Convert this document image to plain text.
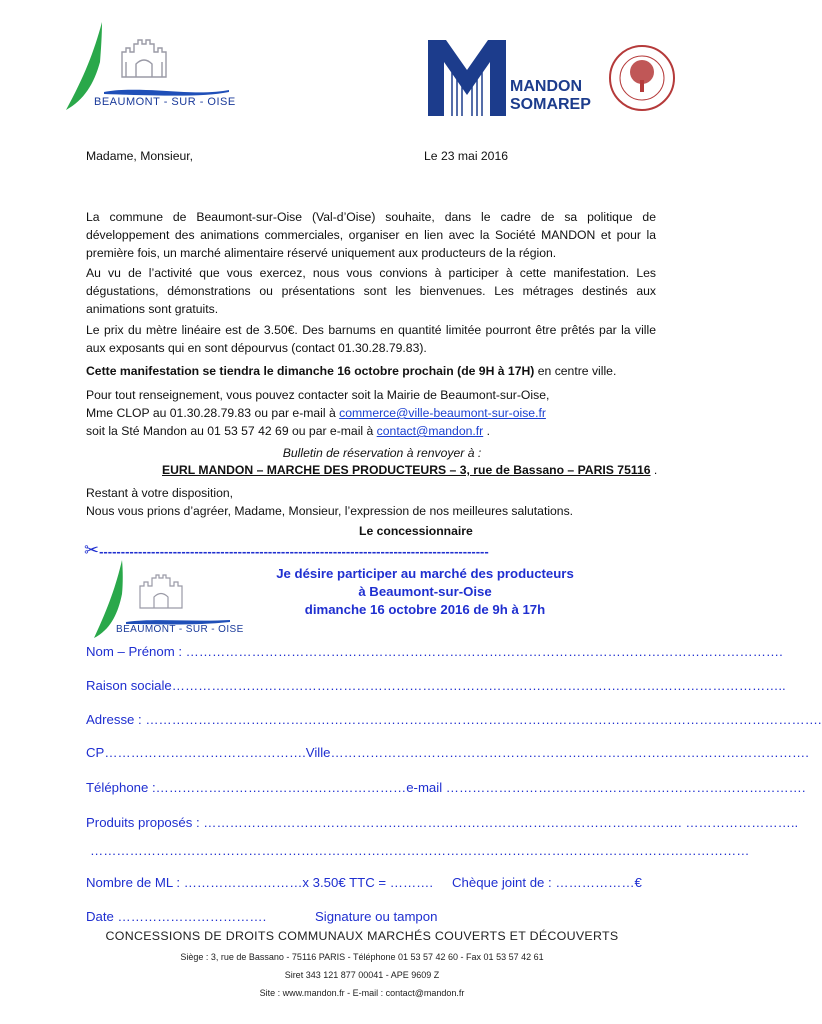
BEAUMONT - SUR - OISE
MANDON
SOMAREP
Madame, Monsieur,	Le 23 mai 2016
La commune de Beaumont-sur-Oise (Val-d’Oise) souhaite, dans le cadre de sa politique de développement des animations commerciales, organiser en lien avec la Société MANDON et pour la première fois, un marché alimentaire réservé uniquement aux producteurs de la région.
Au vu de l’activité que vous exercez, nous vous convions à participer à cette manifestation. Les dégustations, démonstrations ou présentations sont les bienvenues. Les métrages destinés aux animations sont gratuits.
Le prix du mètre linéaire est de 3.50€. Des barnums en quantité limitée pourront être prêtés par la ville aux exposants qui en sont dépourvus (contact 01.30.28.79.83).
Cette manifestation se tiendra le dimanche 16 octobre prochain (de 9H à 17H) en centre ville.
Pour tout renseignement, vous pouvez contacter soit la Mairie de Beaumont-sur-Oise,
Mme CLOP au 01.30.28.79.83 ou par e-mail à commerce@ville-beaumont-sur-oise.fr
soit la Sté Mandon au 01 53 57 42 69 ou par e-mail à contact@mandon.fr .
Bulletin de réservation à renvoyer à :
EURL MANDON – MARCHE DES PRODUCTEURS – 3, rue de Bassano – PARIS 75116 .
Restant à votre disposition,
Nous vous prions d’agréer, Madame, Monsieur, l’expression de nos meilleures salutations.
Le concessionnaire
✂------------------------------------------------------------------------------------------
BEAUMONT - SUR - OISE
Je désire participer au marché des producteurs
à Beaumont-sur-Oise
dimanche 16 octobre 2016 de 9h à 17h
Nom – Prénom : ……………………………………………………………………………………………………………………….
Raison sociale…………………………………………………………………………………………………………………………..
Adresse : ……………………………………………………………………………………………………………………………………….
CP……………………………………….Ville……………………………………………………………………………………………….
Téléphone :…………………………………………………e-mail ……………………………………………………………………….
Produits proposés : ………………………………………………………………………………………………. ……………………..
……………………………………………………………………………………………………………………………………
Nombre de ML : ………………………x 3.50€ TTC = ………. Chèque joint de : ………………€
Date …………………………….	Signature ou tampon
CONCESSIONS DE DROITS COMMUNAUX MARCHÉS COUVERTS ET DÉCOUVERTS
Siège : 3, rue de Bassano - 75116 PARIS - Téléphone 01 53 57 42 60 - Fax 01 53 57 42 61
Siret 343 121 877 00041 - APE 9609 Z
Site : www.mandon.fr - E-mail : contact@mandon.fr
